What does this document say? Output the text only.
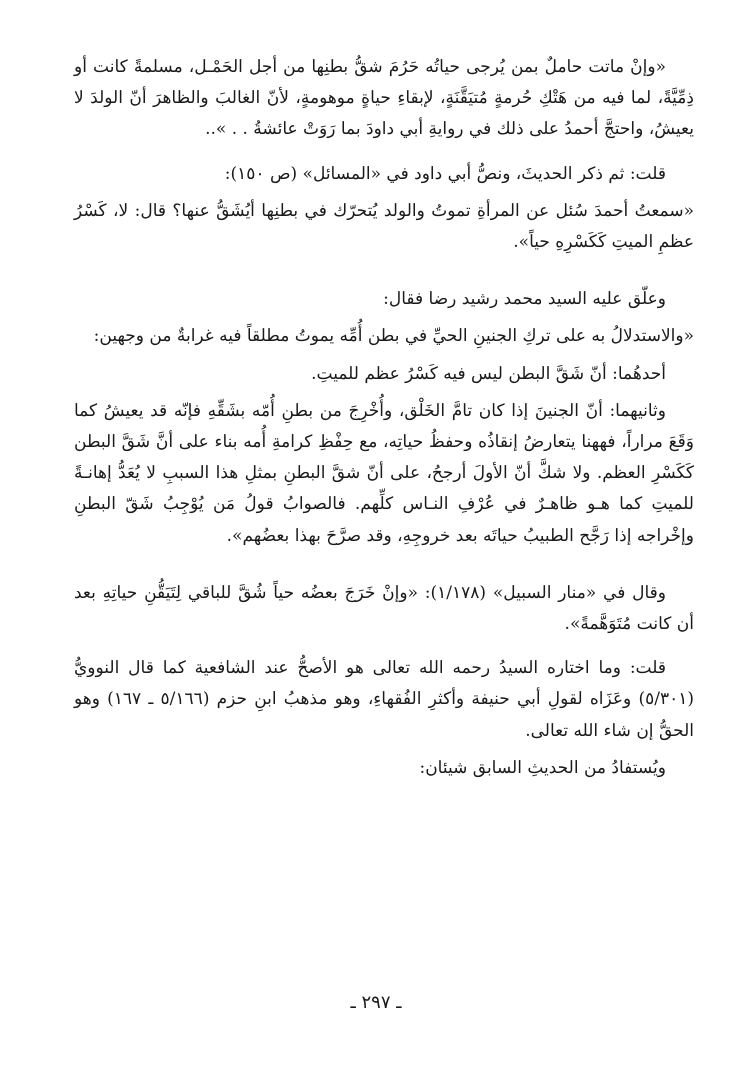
«وإنْ ماتت حاملٌ بمن يُرجى حياتُه حَرُمَ شقُّ بطنِها من أجل الحَمْـل، مسلمةً كانت أو ذِمِّيَّةً، لما فيه من هَتْكِ حُرمةٍ مُتيَقَّنَةٍ، لإبقاءِ حياةٍ موهومةٍ، لأنّ الغالبَ والظاهرَ أنّ الولدَ لا يعيشُ، واحتجَّ أحمدُ على ذلك في روايةِ أبي داودَ بما رَوَتْ عائشةُ . . »..

قلت: ثم ذكر الحديثَ، ونصُّ أبي داود في «المسائل» (ص ١٥٠):

«سمعتُ أحمدَ سُئل عن المرأةِ تموتُ والولد يُتحرّك في بطنِها أيُشَقُّ عنها؟ قال: لا، كَسْرُ عظمِ الميتِ كَكَسْرِهِ حياً».

وعلّق عليه السيد محمد رشيد رضا فقال:

«والاستدلالُ به على تركِ الجنينِ الحيِّ في بطن أُمِّه يموتُ مطلقاً فيه غرابةٌ من وجهين:

أحدهُما: أنّ شَقَّ البطن ليس فيه كَسْرُ عظم للميتِ.

وثانيهما: أنّ الجنينَ إذا كان تامَّ الخَلْق، وأُخْرِجَ من بطنِ أُمّه بشَقِّهِ فإنّه قد يعيشُ كما وَقَعَ مراراً، فههنا يتعارضُ إنقاذُه وحفظُ حياتِه، مع حِفْظِ كرامةِ أُمه بناء على أنَّ شَقَّ البطن كَكَسْرِ العظم. ولا شكَّ أنّ الأولَ أرجحُ، على أنّ شقَّ البطنِ بمثلِ هذا السببِ لا يُعَدُّ إهانـةً للميتِ كما هـو ظاهـرٌ في عُرْفِ النـاس كلِّهم. فالصوابُ قولُ مَن يُوْجِبُ شَقّ البطنِ وإخْراجه إذا رَجَّح الطبيبُ حياتَه بعد خروجِهِ، وقد صرَّحَ بهذا بعضُهم».

وقال في «منار السبيل» (١/١٧٨): «وإنْ خَرَجَ بعضُه حياً شُقَّ للباقي لِتَيَقُّنِ حياتِهِ بعد أن كانت مُتَوَهَّمةً».

قلت: وما اختاره السيدُ رحمه الله تعالى هو الأصحُّ عند الشافعية كما قال النوويُّ (٥/٣٠١) وعَزَاه لقولِ أبي حنيفة وأكثرِ الفُقهاءِ، وهو مذهبُ ابنِ حزم (٥/١٦٦ ـ ١٦٧) وهو الحقُّ إن شاء الله تعالى.

ويُستفادُ من الحديثِ السابق شيئان:

ـ ٢٩٧ ـ
